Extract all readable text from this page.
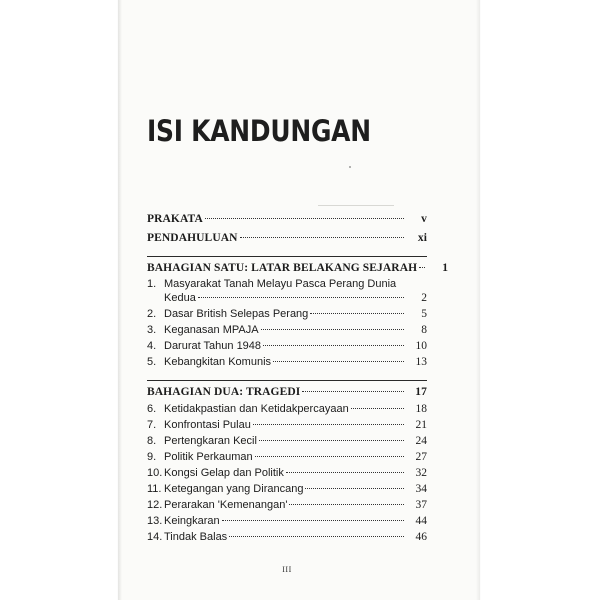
ISI KANDUNGAN
PRAKATA	v
PENDAHULUAN	xi
BAHAGIAN SATU: LATAR BELAKANG SEJARAH	1
1. Masyarakat Tanah Melayu Pasca Perang Dunia
Kedua	2
2. Dasar British Selepas Perang	5
3. Keganasan MPAJA	8
4. Darurat Tahun 1948	10
5. Kebangkitan Komunis	13
BAHAGIAN DUA: TRAGEDI	17
6. Ketidakpastian dan Ketidakpercayaan	18
7. Konfrontasi Pulau	21
8. Pertengkaran Kecil	24
9. Politik Perkauman	27
10. Kongsi Gelap dan Politik	32
11. Ketegangan yang Dirancang	34
12. Perarakan 'Kemenangan'	37
13. Keingkaran	44
14. Tindak Balas	46
III
